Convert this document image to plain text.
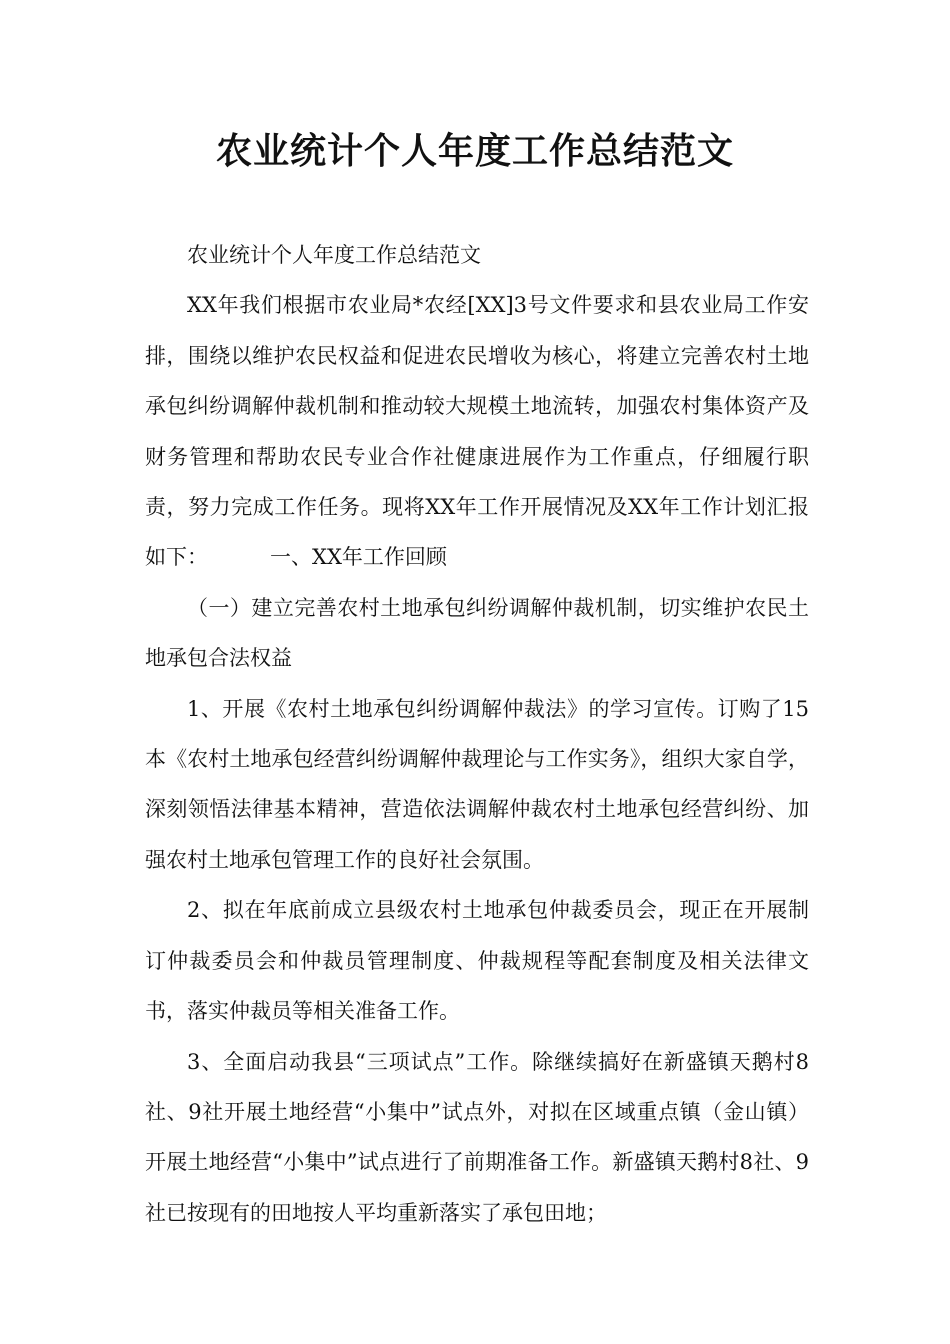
农业统计个人年度工作总结范文

农业统计个人年度工作总结范文

XX年我们根据市农业局*农经[XX]3号文件要求和县农业局工作安排，围绕以维护农民权益和促进农民增收为核心，将建立完善农村土地承包纠纷调解仲裁机制和推动较大规模土地流转，加强农村集体资产及财务管理和帮助农民专业合作社健康进展作为工作重点，仔细履行职责，努力完成工作任务。现将XX年工作开展情况及XX年工作计划汇报如下：	一、XX年工作回顾

（一）建立完善农村土地承包纠纷调解仲裁机制，切实维护农民土地承包合法权益

1、开展《农村土地承包纠纷调解仲裁法》的学习宣传。订购了15本《农村土地承包经营纠纷调解仲裁理论与工作实务》，组织大家自学，深刻领悟法律基本精神，营造依法调解仲裁农村土地承包经营纠纷、加强农村土地承包管理工作的良好社会氛围。

2、拟在年底前成立县级农村土地承包仲裁委员会，现正在开展制订仲裁委员会和仲裁员管理制度、仲裁规程等配套制度及相关法律文书，落实仲裁员等相关准备工作。

3、全面启动我县“三项试点”工作。除继续搞好在新盛镇天鹅村8社、9社开展土地经营“小集中”试点外，对拟在区域重点镇（金山镇）开展土地经营“小集中”试点进行了前期准备工作。新盛镇天鹅村8社、9社已按现有的田地按人平均重新落实了承包田地；
